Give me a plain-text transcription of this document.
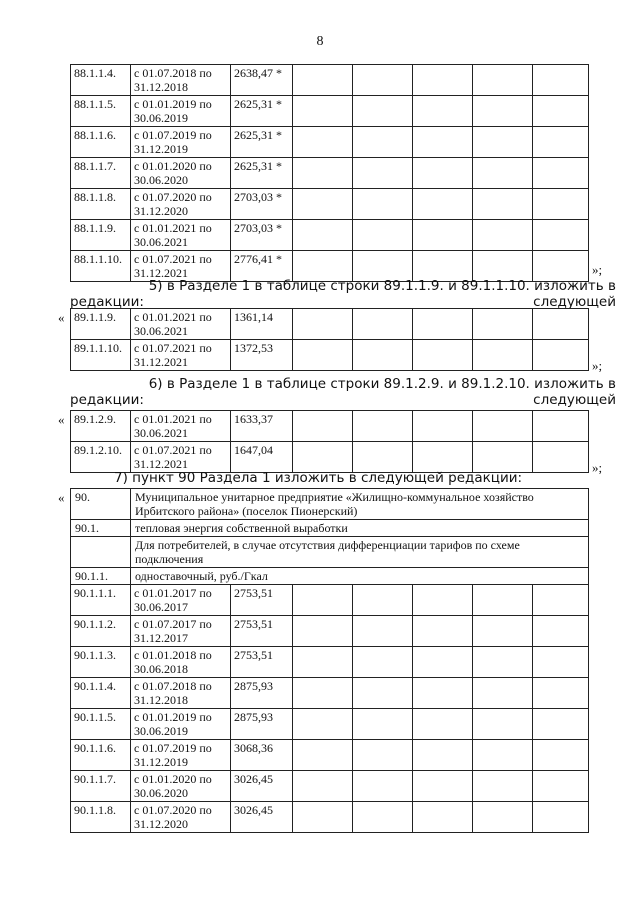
8
88.1.1.4.	с 01.07.2018 по 31.12.2018	2638,47 *					
88.1.1.5.	с 01.01.2019 по 30.06.2019	2625,31 *					
88.1.1.6.	с 01.07.2019 по 31.12.2019	2625,31 *					
88.1.1.7.	с 01.01.2020 по 30.06.2020	2625,31 *					
88.1.1.8.	с 01.07.2020 по 31.12.2020	2703,03 *					
88.1.1.9.	с 01.01.2021 по 30.06.2021	2703,03 *					
88.1.1.10.	с 01.07.2021 по 31.12.2021	2776,41 *					
»;
5) в Разделе 1 в таблице строки 89.1.1.9. и 89.1.1.10. изложить в следующей
редакции:
« 89.1.1.9.	с 01.01.2021 по 30.06.2021	1361,14					
89.1.1.10.	с 01.07.2021 по 31.12.2021	1372,53					
»;
6) в Разделе 1 в таблице строки 89.1.2.9. и 89.1.2.10. изложить в следующей
редакции:
« 89.1.2.9.	с 01.01.2021 по 30.06.2021	1633,37					
89.1.2.10.	с 01.07.2021 по 31.12.2021	1647,04					
»;
7) пункт 90 Раздела 1 изложить в следующей редакции:
« 90.	Муниципальное унитарное предприятие «Жилищно-коммунальное хозяйство Ирбитского района» (поселок Пионерский)						
90.1.	тепловая энергия собственной выработки						
	Для потребителей, в случае отсутствия дифференциации тарифов по схеме подключения						
90.1.1.	одноставочный, руб./Гкал						
90.1.1.1.	с 01.01.2017 по 30.06.2017	2753,51					
90.1.1.2.	с 01.07.2017 по 31.12.2017	2753,51					
90.1.1.3.	с 01.01.2018 по 30.06.2018	2753,51					
90.1.1.4.	с 01.07.2018 по 31.12.2018	2875,93					
90.1.1.5.	с 01.01.2019 по 30.06.2019	2875,93					
90.1.1.6.	с 01.07.2019 по 31.12.2019	3068,36					
90.1.1.7.	с 01.01.2020 по 30.06.2020	3026,45					
90.1.1.8.	с 01.07.2020 по 31.12.2020	3026,45					
